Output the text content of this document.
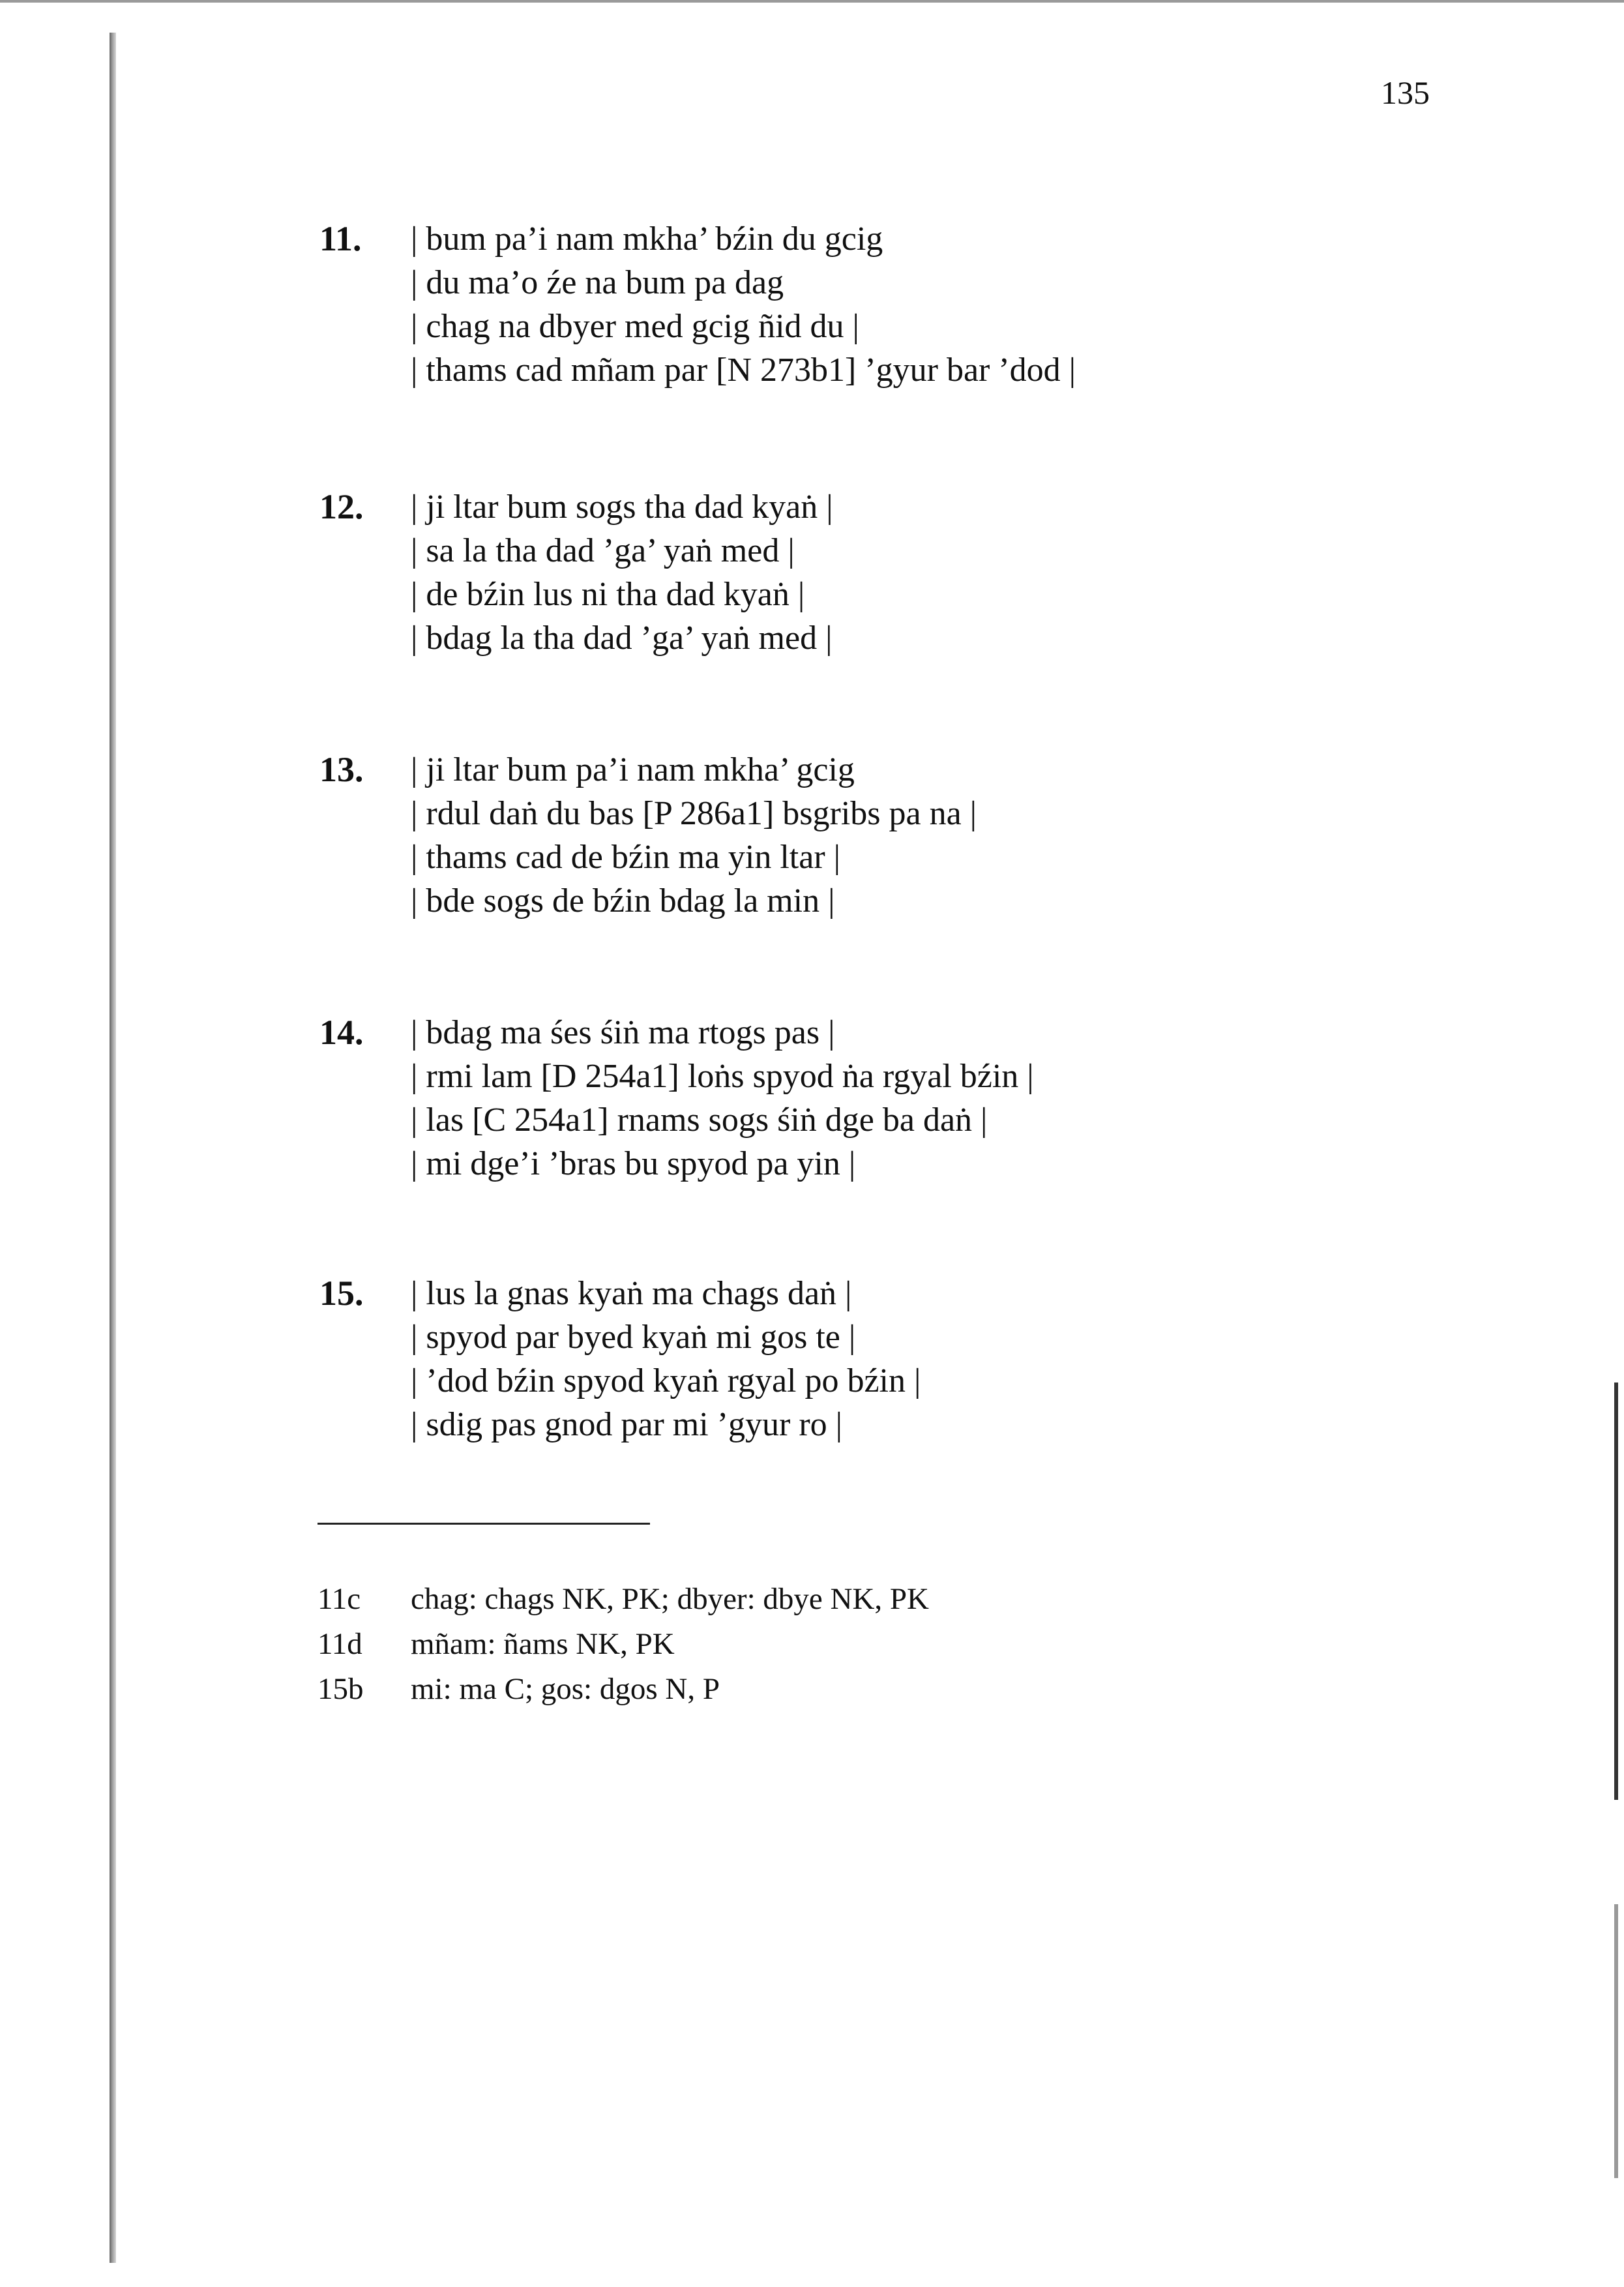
135
11. | bum pa’i nam mkha’ bźin du gcig
| du ma’o źe na bum pa dag
| chag na dbyer med gcig ñid du |
| thams cad mñam par [N 273b1] ’gyur bar ’dod |
12. | ji ltar bum sogs tha dad kyaṅ |
| sa la tha dad ’ga’ yaṅ med |
| de bźin lus ni tha dad kyaṅ |
| bdag la tha dad ’ga’ yaṅ med |
13. | ji ltar bum pa’i nam mkha’ gcig
| rdul daṅ du bas [P 286a1] bsgribs pa na |
| thams cad de bźin ma yin ltar |
| bde sogs de bźin bdag la min |
14. | bdag ma śes śiṅ ma rtogs pas |
| rmi lam [D 254a1] loṅs spyod ṅa rgyal bźin |
| las [C 254a1] rnams sogs śiṅ dge ba daṅ |
| mi dge’i ’bras bu spyod pa yin |
15. | lus la gnas kyaṅ ma chags daṅ |
| spyod par byed kyaṅ mi gos te |
| ’dod bźin spyod kyaṅ rgyal po bźin |
| sdig pas gnod par mi ’gyur ro |
11c chag: chags NK, PK; dbyer: dbye NK, PK
11d mñam: ñams NK, PK
15b mi: ma C; gos: dgos N, P
